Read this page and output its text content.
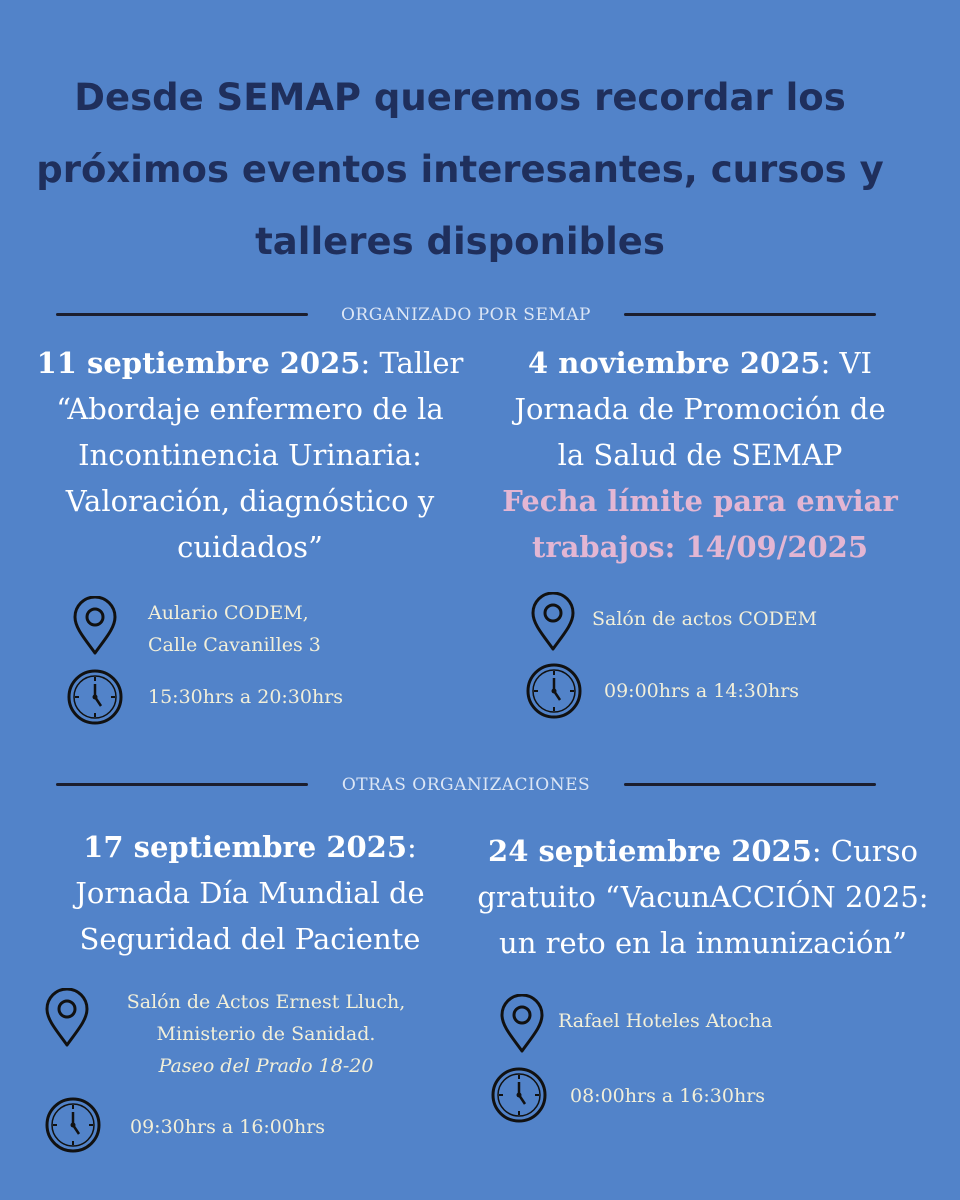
Desde SEMAP queremos recordar los
próximos eventos interesantes, cursos y
talleres disponibles
ORGANIZADO POR SEMAP
11 septiembre 2025: Taller
“Abordaje enfermero de la
Incontinencia Urinaria:
Valoración, diagnóstico y
cuidados”
Aulario CODEM,
Calle Cavanilles 3
15:30hrs a 20:30hrs
4 noviembre 2025: VI
Jornada de Promoción de
la Salud de SEMAP
Fecha límite para enviar
trabajos: 14/09/2025
Salón de actos CODEM
09:00hrs a 14:30hrs
OTRAS ORGANIZACIONES
17 septiembre 2025:
Jornada Día Mundial de
Seguridad del Paciente
Salón de Actos Ernest Lluch,
Ministerio de Sanidad.
Paseo del Prado 18-20
09:30hrs a 16:00hrs
24 septiembre 2025: Curso
gratuito “VacunACCIÓN 2025:
un reto en la inmunización”
Rafael Hoteles Atocha
08:00hrs a 16:30hrs
